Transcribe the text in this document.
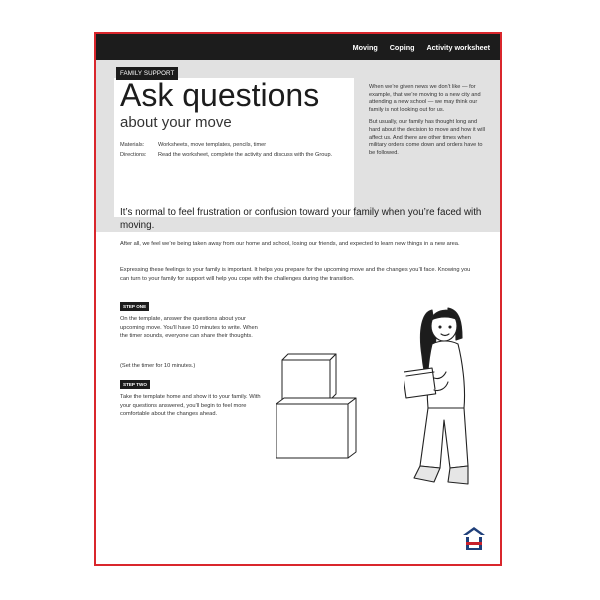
Moving Coping Activity worksheet
FAMILY SUPPORT
Ask questions
about your move
Materials:	Worksheets, move templates, pencils, timer
Directions:	Read the worksheet, complete the activity and discuss with the Group.

When we’re given news we don’t like — for example, that we’re moving to a new city and attending a new school — we may think our family is not looking out for us.

But usually, our family has thought long and hard about the decision to move and how it will affect us. And there are other times when military orders come down and orders have to be followed.

It’s normal to feel frustration or confusion toward your family when you’re faced with moving.
After all, we feel we’re being taken away from our home and school, losing our friends, and expected to learn new things in a new area.
Expressing these feelings to your family is important. It helps you prepare for the upcoming move and the changes you’ll face. Knowing you can turn to your family for support will help you cope with the challenges during the transition.
STEP ONE
On the template, answer the questions about your upcoming move. You’ll have 10 minutes to write. When the timer sounds, everyone can share their thoughts.
(Set the timer for 10 minutes.)
STEP TWO
Take the template home and show it to your family. With your questions answered, you’ll begin to feel more comfortable about the changes ahead.
